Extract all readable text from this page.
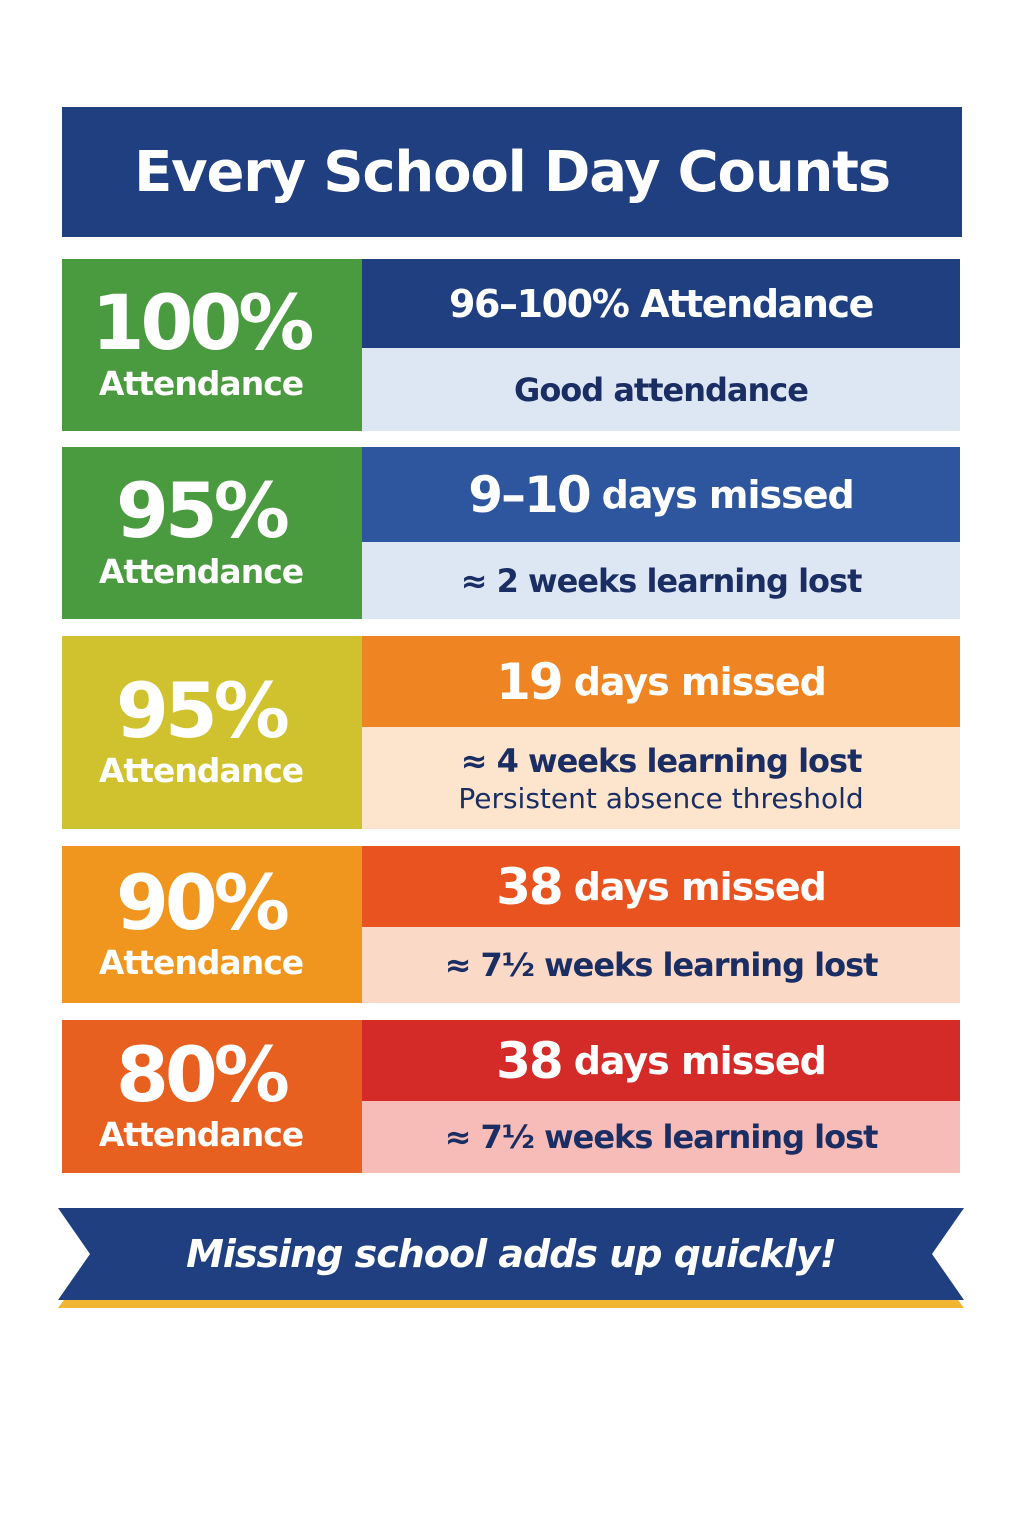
Every School Day Counts
100%
Attendance
96–100% Attendance
Good attendance
95%
Attendance
9–10 days missed
≈ 2 weeks learning lost
95%
Attendance
19 days missed
≈ 4 weeks learning lost
Persistent absence threshold
90%
Attendance
38 days missed
≈ 7½ weeks learning lost
80%
Attendance
38 days missed
≈ 7½ weeks learning lost
Missing school adds up quickly!
